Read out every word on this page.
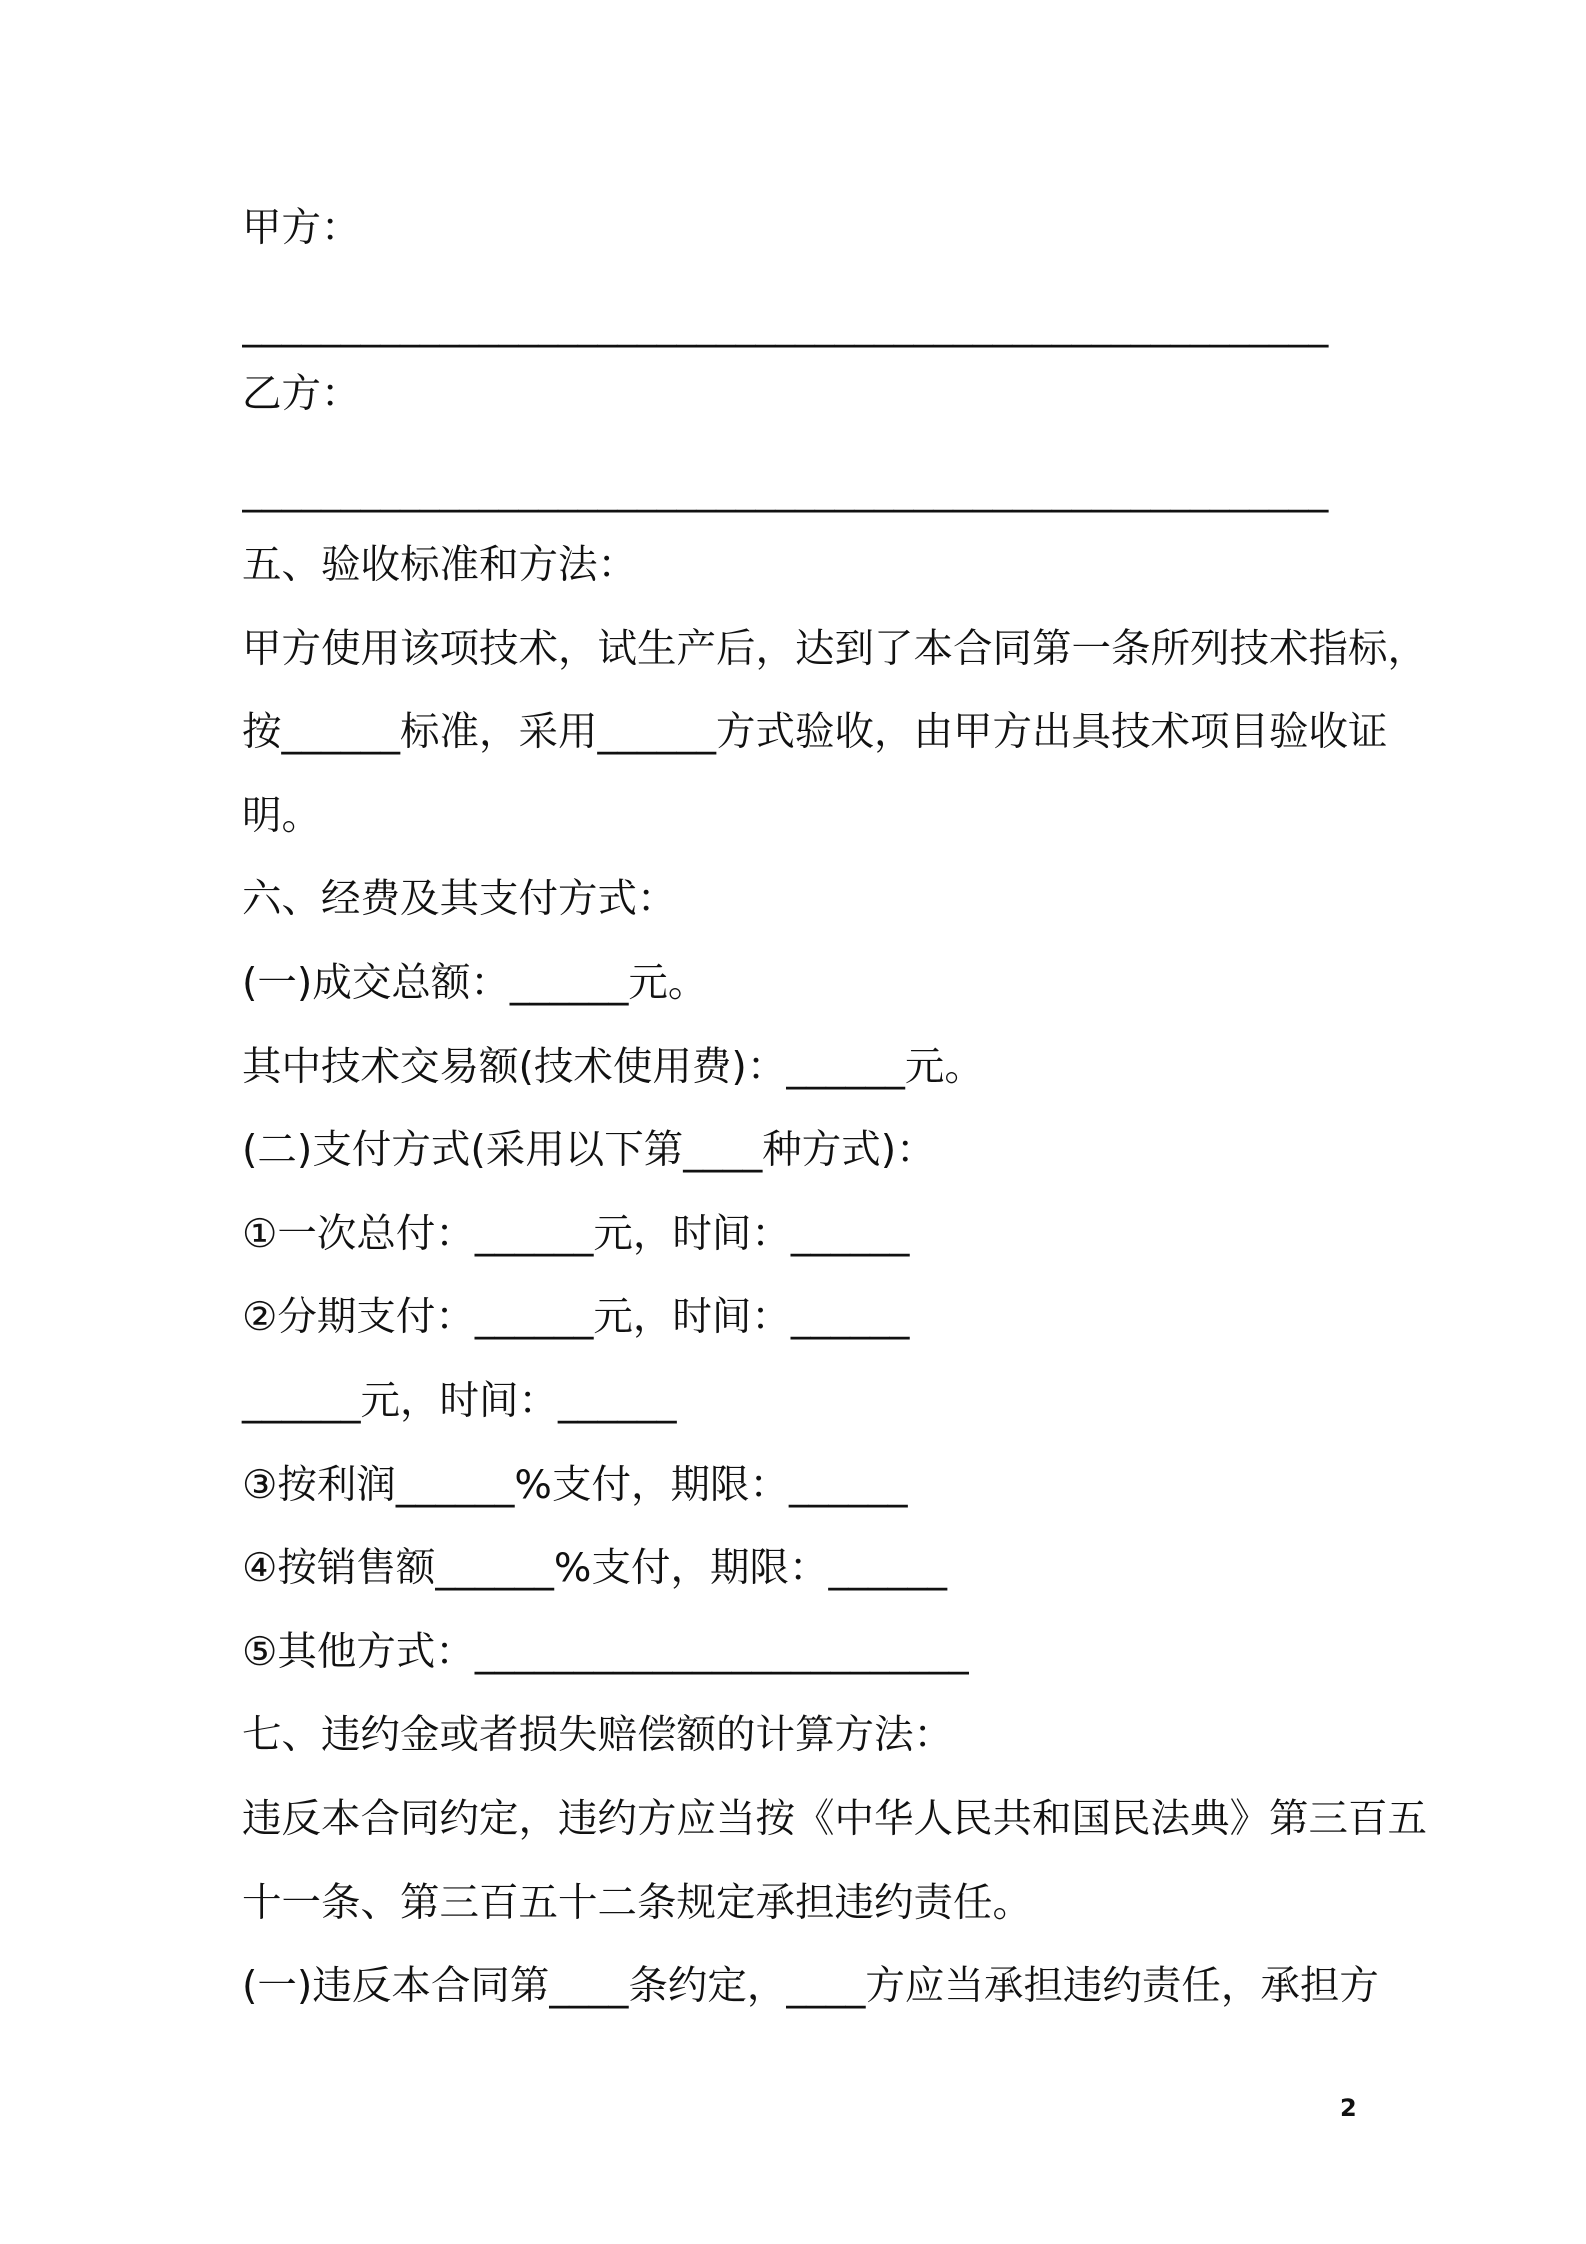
甲方：
_______________________________________________________
乙方：
_______________________________________________________
五、验收标准和方法：
甲方使用该项技术，试生产后，达到了本合同第一条所列技术指标，
按______标准，采用______方式验收，由甲方出具技术项目验收证
明。
六、经费及其支付方式：
(一)成交总额：______元。
其中技术交易额(技术使用费)：______元。
(二)支付方式(采用以下第____种方式)：
①一次总付：______元，时间：______
②分期支付：______元，时间：______
______元，时间：______
③按利润______%支付，期限：______
④按销售额______%支付，期限：______
⑤其他方式：_________________________
七、违约金或者损失赔偿额的计算方法：
违反本合同约定，违约方应当按《中华人民共和国民法典》第三百五
十一条、第三百五十二条规定承担违约责任。
(一)违反本合同第____条约定，____方应当承担违约责任，承担方
2
